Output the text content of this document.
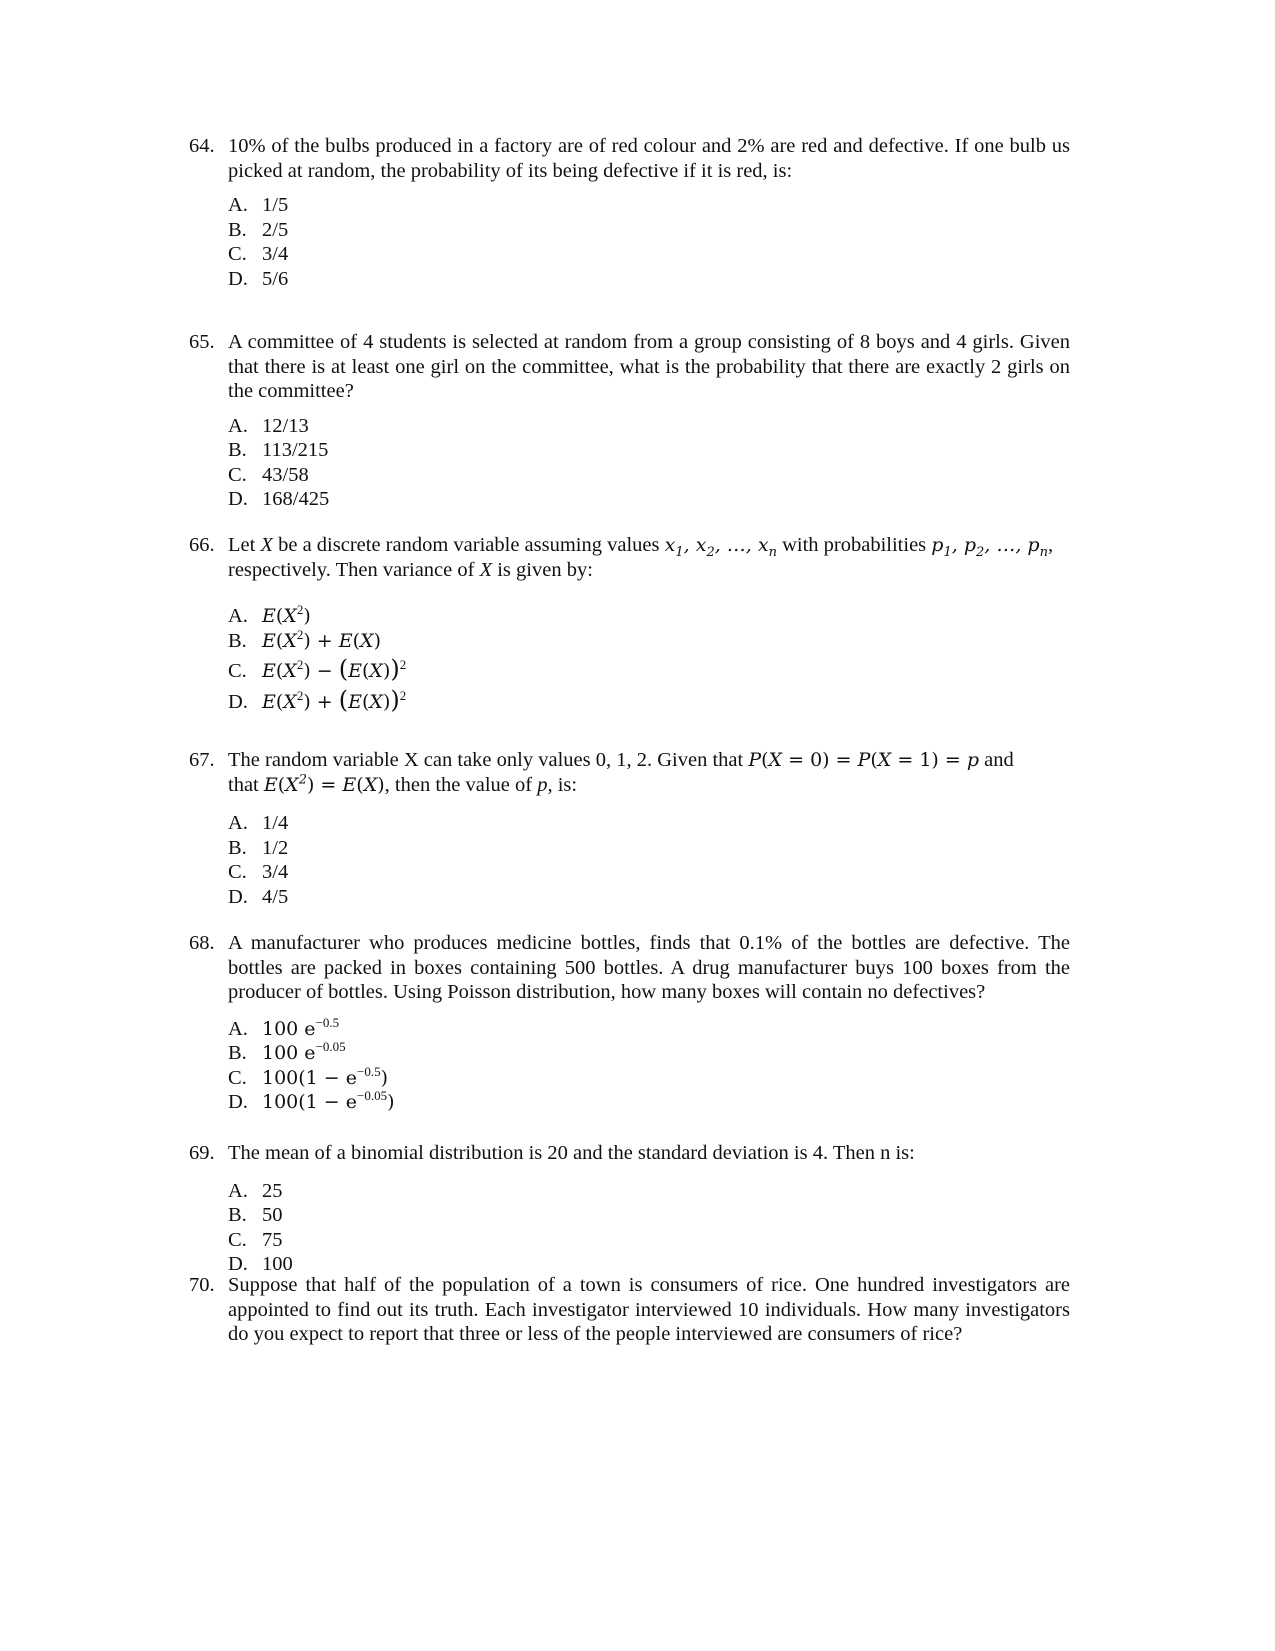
64. 10% of the bulbs produced in a factory are of red colour and 2% are red and defective. If one bulb us picked at random, the probability of its being defective if it is red, is:
A. 1/5
B. 2/5
C. 3/4
D. 5/6
65. A committee of 4 students is selected at random from a group consisting of 8 boys and 4 girls. Given that there is at least one girl on the committee, what is the probability that there are exactly 2 girls on the committee?
A. 12/13
B. 113/215
C. 43/58
D. 168/425
66. Let X be a discrete random variable assuming values $x_1$, $x_2$, …, $x_n$ with probabilities $p_1$, $p_2$, …, $p_n$,
respectively. Then variance of X is given by:
A. $E(X^2)$
B. $E(X^2) + E(X)$
C. $E(X^2) - (E(X))^2$
D. $E(X^2) + (E(X))^2$
67. The random variable X can take only values 0, 1, 2. Given that P(X = 0) = P(X = 1) = p and
that $E(X^2) = E(X)$, then the value of p, is:
A. 1/4
B. 1/2
C. 3/4
D. 4/5
68. A manufacturer who produces medicine bottles, finds that 0.1% of the bottles are defective. The bottles are packed in boxes containing 500 bottles. A drug manufacturer buys 100 boxes from the producer of bottles. Using Poisson distribution, how many boxes will contain no defectives?
A. 100 $e^{-0.5}$
B. 100 $e^{-0.05}$
C. $100(1 - e^{-0.5})$
D. $100(1 - e^{-0.05})$
69. The mean of a binomial distribution is 20 and the standard deviation is 4. Then n is:
A. 25
B. 50
C. 75
D. 100
70. Suppose that half of the population of a town is consumers of rice. One hundred investigators are appointed to find out its truth. Each investigator interviewed 10 individuals. How many investigators do you expect to report that three or less of the people interviewed are consumers of rice?
